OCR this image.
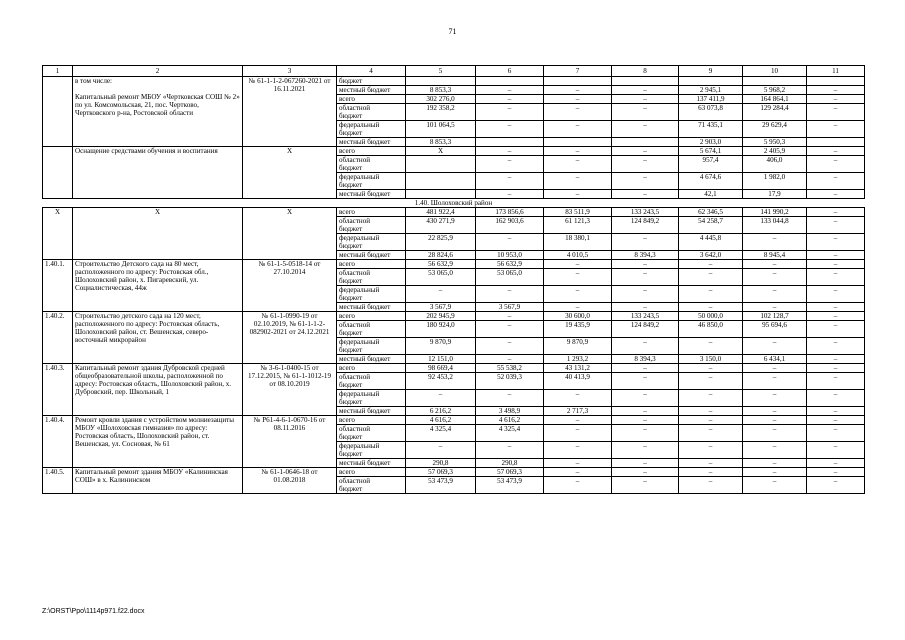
71
1	2	3	4	5	6	7	8	9	10	11
	в том числе:

Капитальный ремонт МБОУ «Чертковская СОШ № 2» по ул. Комсомольская, 21, пос. Чертково, Чертковского р-на, Ростовской области	№ 61-1-1-2-067260-2021 от 16.11.2021	бюджет							
			местный бюджет	8 853,3	–	–	–	2 945,1	5 968,2	–
			всего	302 276,0	–	–	–	137 411,9	164 864,1	–
			областной
бюджет	192 358,2	–	–	–	63 073,8	129 284,4	–
			федеральный
бюджет	101 064,5	–	–	–	71 435,1	29 629,4	–
			местный бюджет	8 853,3				2 903,0	5 950,3	
	Оснащение средствами обучения и воспитания	Х	всего	Х	–	–	–	5 674,1	2 405,9	–
			областной
бюджет		–	–	–	957,4	406,0	–
			федеральный
бюджет		–	–	–	4 674,6	1 982,0	–
			местный бюджет		–	–	–	42,1	17,9	–
1.40. Шолоховский район										
Х	Х	Х	всего	481 922,4	173 856,6	83 511,9	133 243,5	62 346,5	141 990,2	–
			областной
бюджет	430 271,9	162 903,6	61 121,3	124 849,2	54 258,7	133 044,8	–
			федеральный
бюджет	22 825,9	–	18 380,1	–	4 445,8	–	–
			местный бюджет	28 824,6	10 953,0	4 010,5	8 394,3	3 642,0	8 945,4	–
1.40.1.	Строительство Детского сада на 80 мест, расположенного по адресу: Ростовская обл., Шолоховский район, х. Пигаревский, ул. Социалистическая, 44ж	№ 61-1-5-0518-14 от 27.10.2014	всего	56 632,9	56 632,9	–	–	–	–	–
			областной
бюджет	53 065,0	53 065,0	–	–	–	–	–
			федеральный
бюджет	–	–	–	–	–	–	–
			местный бюджет	3 567,9	3 567,9	–	–	–	–	–
1.40.2.	Строительство детского сада на 120 мест, расположенного по адресу: Ростовская область, Шолоховский район, ст. Вешенская, северо-восточный микрорайон	№ 61-1-0990-19 от 02.10.2019, № 61-1-1-2-082902-2021 от 24.12.2021	всего	202 945,9	–	30 600,0	133 243,5	50 000,0	102 128,7	–
			областной
бюджет	180 924,0	–	19 435,9	124 849,2	46 850,0	95 694,6	–
			федеральный
бюджет	9 870,9	–	9 870,9	–	–	–	–
			местный бюджет	12 151,0	–	1 293,2	8 394,3	3 150,0	6 434,1	–
1.40.3.	Капитальный ремонт здания Дубровской средней общеобразовательной школы, расположенной по адресу: Ростовская область, Шолоховский район, х. Дубровский, пер. Школьный, 1	№ 3-6-1-0400-15 от 17.12.2015, № 61-1-1012-19 от 08.10.2019	всего	98 669,4	55 538,2	43 131,2	–	–	–	–
			областной
бюджет	92 453,2	52 039,3	40 413,9	–	–	–	–
			федеральный
бюджет	–	–	–	–	–	–	–
			местный бюджет	6 216,2	3 498,9	2 717,3	–	–	–	–
1.40.4.	Ремонт кровли здания с устройством молниезащиты МБОУ «Шолоховская гимназия» по адресу: Ростовская область, Шолоховский район, ст. Вешенская, ул. Сосновая, № 61	№ Р61-4-6-1-0670-16 от 08.11.2016	всего	4 616,2	4 616,2	–	–	–	–	–
			областной
бюджет	4 325,4	4 325,4	–	–	–	–	–
			федеральный
бюджет	–	–	–	–	–	–	–
			местный бюджет	290,8	290,8	–	–	–	–	–
1.40.5.	Капитальный ремонт здания МБОУ «Калининская СОШ» в х. Калининском	№ 61-1-0646-18 от 01.08.2018	всего	57 069,3	57 069,3	–	–	–	–	–
			областной
бюджет	53 473,9	53 473,9	–	–	–	–	–
Z:\ORST\Ppo\1114p971.f22.docx
